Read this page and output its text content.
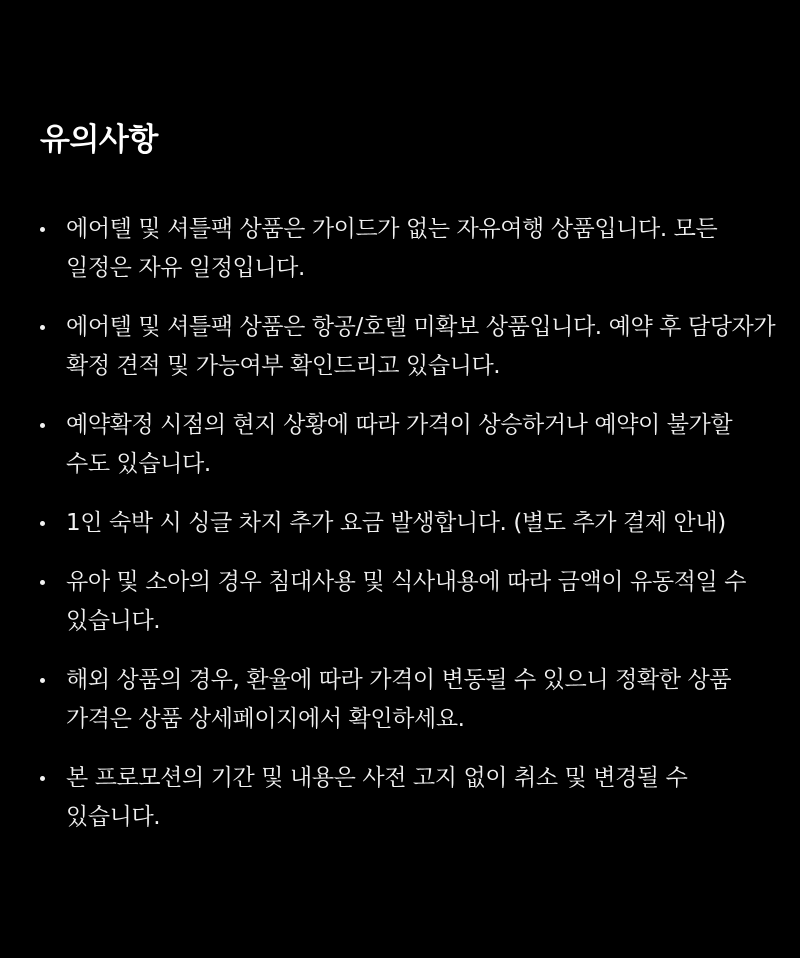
유의사항
에어텔 및 셔틀팩 상품은 가이드가 없는 자유여행 상품입니다. 모든 일정은 자유 일정입니다.
에어텔 및 셔틀팩 상품은 항공/호텔 미확보 상품입니다. 예약 후 담당자가 확정 견적 및 가능여부 확인드리고 있습니다.
예약확정 시점의 현지 상황에 따라 가격이 상승하거나 예약이 불가할 수도 있습니다.
1인 숙박 시 싱글 차지 추가 요금 발생합니다. (별도 추가 결제 안내)
유아 및 소아의 경우 침대사용 및 식사내용에 따라 금액이 유동적일 수 있습니다.
해외 상품의 경우, 환율에 따라 가격이 변동될 수 있으니 정확한 상품 가격은 상품 상세페이지에서 확인하세요.
본 프로모션의 기간 및 내용은 사전 고지 없이 취소 및 변경될 수 있습니다.
